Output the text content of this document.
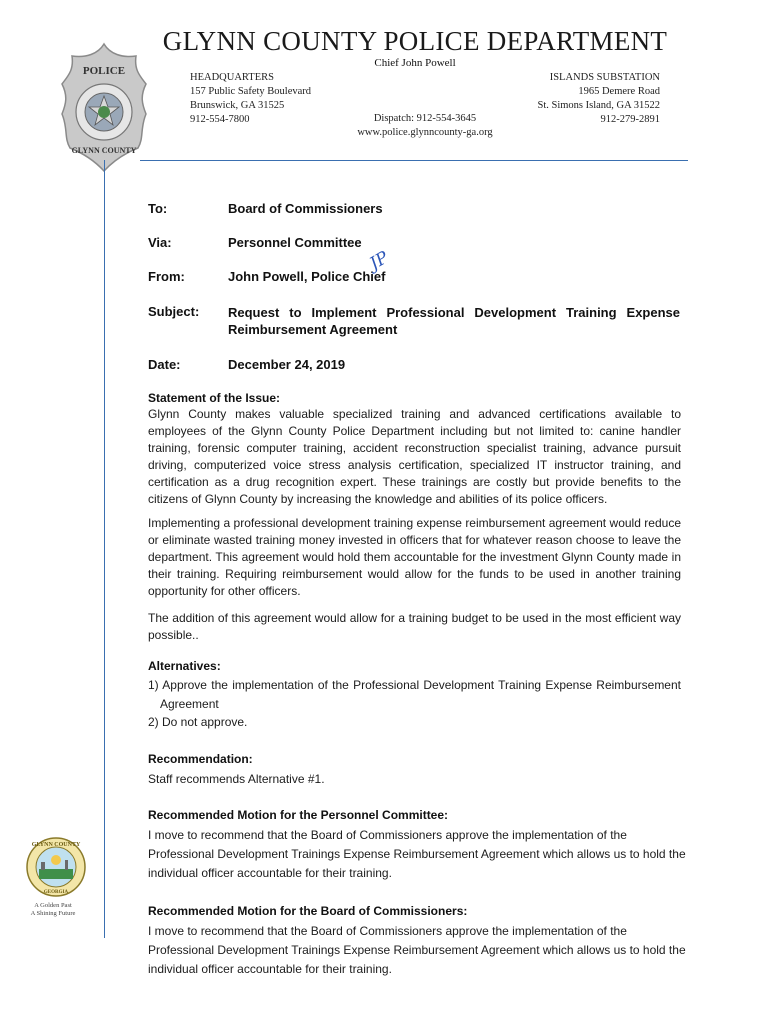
POLICE
GLYNN COUNTY
GLYNN COUNTY POLICE DEPARTMENT
Chief John Powell
HEADQUARTERS
157 Public Safety Boulevard
Brunswick, GA 31525
912-554-7800
ISLANDS SUBSTATION
1965 Demere Road
St. Simons Island, GA 31522
912-279-2891
Dispatch: 912-554-3645
www.police.glynncounty-ga.org
To:	Board of Commissioners
Via:	Personnel Committee
From:	John Powell, Police Chief
JP
Subject: Request to Implement Professional Development Training Expense Reimbursement Agreement
Date:	December 24, 2019
Statement of the Issue:
Glynn County makes valuable specialized training and advanced certifications available to employees of the Glynn County Police Department including but not limited to: canine handler training, forensic computer training, accident reconstruction specialist training, advance pursuit driving, computerized voice stress analysis certification, specialized IT instructor training, and certification as a drug recognition expert. These trainings are costly but provide benefits to the citizens of Glynn County by increasing the knowledge and abilities of its police officers.
Implementing a professional development training expense reimbursement agreement would reduce or eliminate wasted training money invested in officers that for whatever reason choose to leave the department. This agreement would hold them accountable for the investment Glynn County made in their training. Requiring reimbursement would allow for the funds to be used in another training opportunity for other officers.
The addition of this agreement would allow for a training budget to be used in the most efficient way possible..
Alternatives:
1) Approve the implementation of the Professional Development Training Expense Reimbursement
Agreement
2) Do not approve.
Recommendation:
Staff recommends Alternative #1.
Recommended Motion for the Personnel Committee:
I move to recommend that the Board of Commissioners approve the implementation of the Professional Development Trainings Expense Reimbursement Agreement which allows us to hold the individual officer accountable for their training.
Recommended Motion for the Board of Commissioners:
I move to recommend that the Board of Commissioners approve the implementation of the Professional Development Trainings Expense Reimbursement Agreement which allows us to hold the individual officer accountable for their training.
GLYNN COUNTY
GEORGIA
A Golden Past
A Shining Future
